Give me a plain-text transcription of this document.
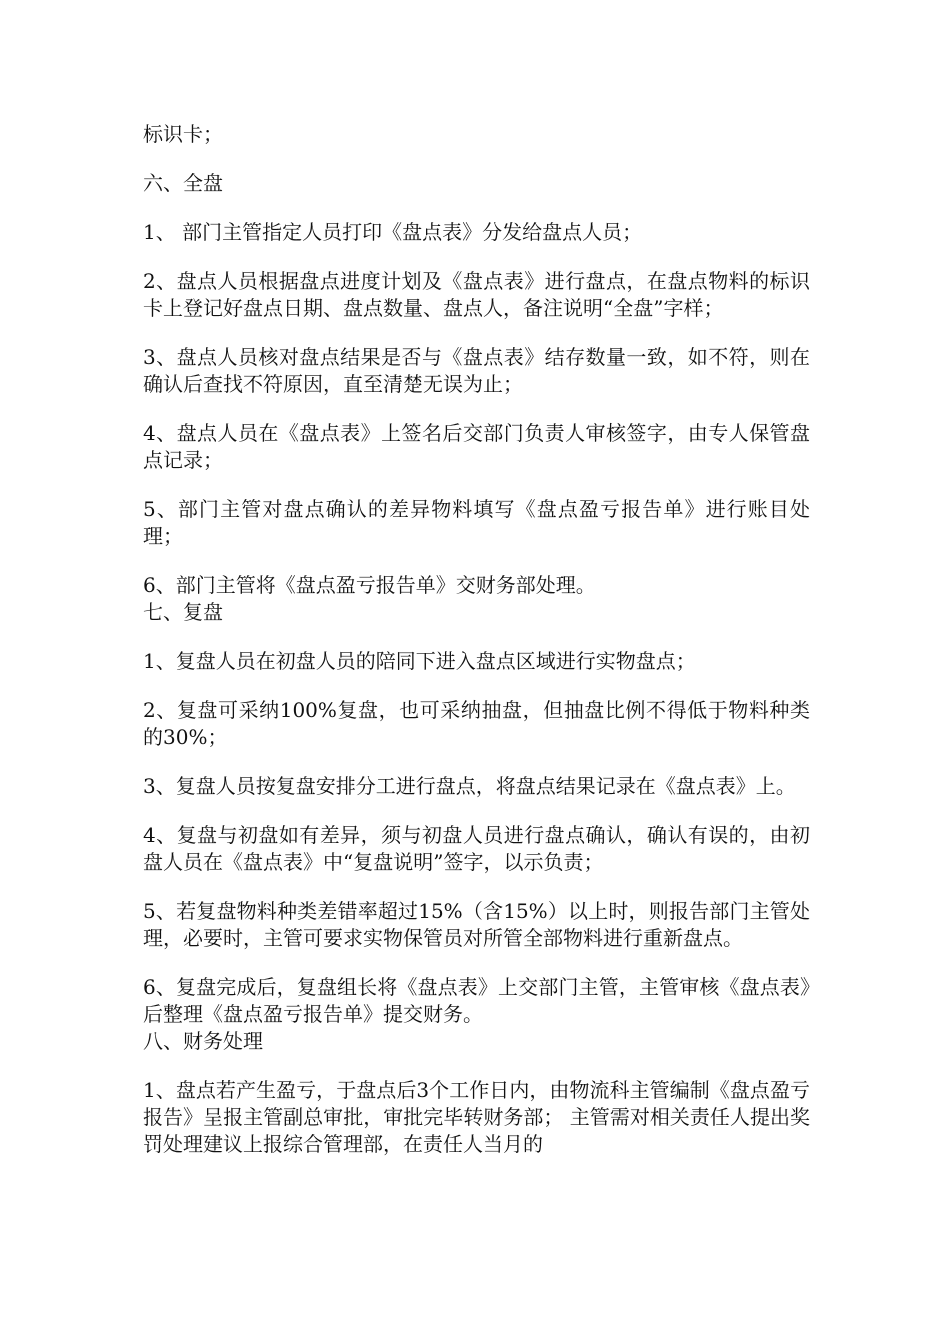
标识卡；

六、全盘

1、 部门主管指定人员打印《盘点表》分发给盘点人员；

2、盘点人员根据盘点进度计划及《盘点表》进行盘点，在盘点物料的标识卡上登记好盘点日期、盘点数量、盘点人，备注说明“全盘”字样；

3、盘点人员核对盘点结果是否与《盘点表》结存数量一致，如不符，则在确认后查找不符原因，直至清楚无误为止；

4、盘点人员在《盘点表》上签名后交部门负责人审核签字，由专人保管盘点记录；

5、部门主管对盘点确认的差异物料填写《盘点盈亏报告单》进行账目处理；

6、部门主管将《盘点盈亏报告单》交财务部处理。

七、复盘

1、复盘人员在初盘人员的陪同下进入盘点区域进行实物盘点；

2、复盘可采纳100%复盘，也可采纳抽盘，但抽盘比例不得低于物料种类的30%；

3、复盘人员按复盘安排分工进行盘点，将盘点结果记录在《盘点表》上。

4、复盘与初盘如有差异，须与初盘人员进行盘点确认，确认有误的，由初盘人员在《盘点表》中“复盘说明”签字，以示负责；

5、若复盘物料种类差错率超过15%（含15%）以上时，则报告部门主管处理，必要时，主管可要求实物保管员对所管全部物料进行重新盘点。

6、复盘完成后，复盘组长将《盘点表》上交部门主管，主管审核《盘点表》后整理《盘点盈亏报告单》提交财务。

八、财务处理

1、盘点若产生盈亏，于盘点后3个工作日内，由物流科主管编制《盘点盈亏报告》呈报主管副总审批，审批完毕转财务部； 主管需对相关责任人提出奖罚处理建议上报综合管理部，在责任人当月的
